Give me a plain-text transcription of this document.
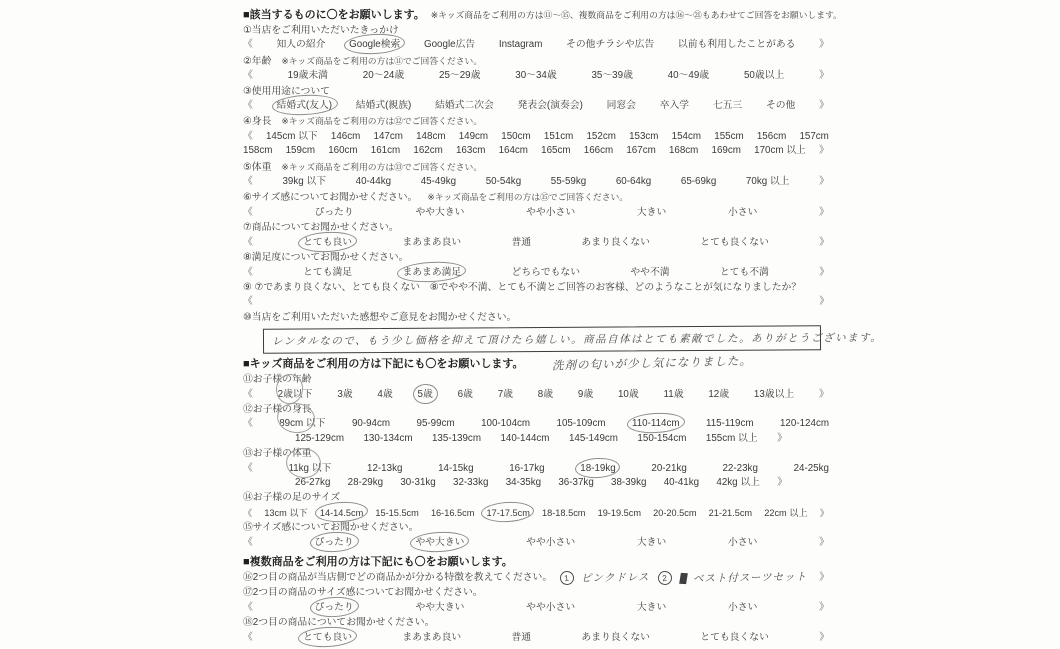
■該当するものに〇をお願いします。 ※キッズ商品をご利用の方は⑪～⑮、複数商品をご利用の方は⑯～㉑もあわせてご回答をお願いします。
①当店をご利用いただいたきっかけ
《 知人の紹介 Google検索 Google広告 Instagram その他チラシや広告 以前も利用したことがある 》
②年齢 ※キッズ商品をご利用の方は⑪でご回答ください。
《	19歳未満	20～24歳	25～29歳	30～34歳	35～39歳	40～49歳	50歳以上	》
③使用用途について
《 結婚式(友人) 結婚式(親族) 結婚式二次会 発表会(演奏会) 同窓会 卒入学 七五三 その他 》
④身長 ※キッズ商品をご利用の方は⑫でご回答ください。
《 145cm 以下 146cm 147cm 148cm 149cm 150cm 151cm 152cm 153cm 154cm 155cm 156cm 157cm
158cm 159cm 160cm 161cm 162cm 163cm 164cm 165cm 166cm 167cm 168cm 169cm 170cm 以上 》
⑤体重 ※キッズ商品をご利用の方は⑬でご回答ください。
《	39kg 以下	40-44kg	45-49kg	50-54kg	55-59kg	60-64kg	65-69kg	70kg 以上	》
⑥サイズ感についてお聞かせください。 ※キッズ商品をご利用の方は⑮でご回答ください。
《	ぴったり	やや大きい	やや小さい	大きい	小さい	》
⑦商品についてお聞かせください。
《	とても良い	まあまあ良い	普通	あまり良くない	とても良くない	》
⑧満足度についてお聞かせください。
《	とても満足	まあまあ満足	どちらでもない	やや不満	とても不満	》
⑨ ⑦であまり良くない、とても良くない　⑧でやや不満、とても不満とご回答のお客様、どのようなことが気になりましたか？
《	》
⑩当店をご利用いただいた感想やご意見をお聞かせください。
レンタルなので、もう少し価格を抑えて頂けたら嬉しい。商品自体はとても素敵でした。ありがとうございます。
■キッズ商品をご利用の方は下記にも〇をお願いします。 洗剤の匂いが少し気になりました。
⑪お子様の年齢
《	2歳以下	3歳	4歳	5歳	6歳	7歳	8歳	9歳	10歳	11歳	12歳	13歳以上	》
⑫お子様の身長
《	89cm 以下	90-94cm	95-99cm	100-104cm	105-109cm	110-114cm	115-119cm	120-124cm
125-129cm 130-134cm 135-139cm 140-144cm 145-149cm 150-154cm 155cm 以上 》
⑬お子様の体重
《	11kg 以下	12-13kg	14-15kg	16-17kg	18-19kg	20-21kg	22-23kg	24-25kg
26-27kg 28-29kg 30-31kg 32-33kg 34-35kg 36-37kg 38-39kg 40-41kg 42kg 以上 》
⑭お子様の足のサイズ
《 13cm 以下 14-14.5cm 15-15.5cm 16-16.5cm 17-17.5cm 18-18.5cm 19-19.5cm 20-20.5cm 21-21.5cm 22cm 以上 》
⑮サイズ感についてお聞かせください。
《	ぴったり	やや大きい	やや小さい	大きい	小さい	》
■複数商品をご利用の方は下記にも〇をお願いします。
⑯2つ目の商品が当店側でどの商品かが分かる特徴を教えてください。	1	ピンクドレス	2	ベスト付スーツセット 》
⑰2つ目の商品のサイズ感についてお聞かせください。
《	ぴったり	やや大きい	やや小さい	大きい	小さい	》
⑱2つ目の商品についてお聞かせください。
《	とても良い	まあまあ良い	普通	あまり良くない	とても良くない	》
